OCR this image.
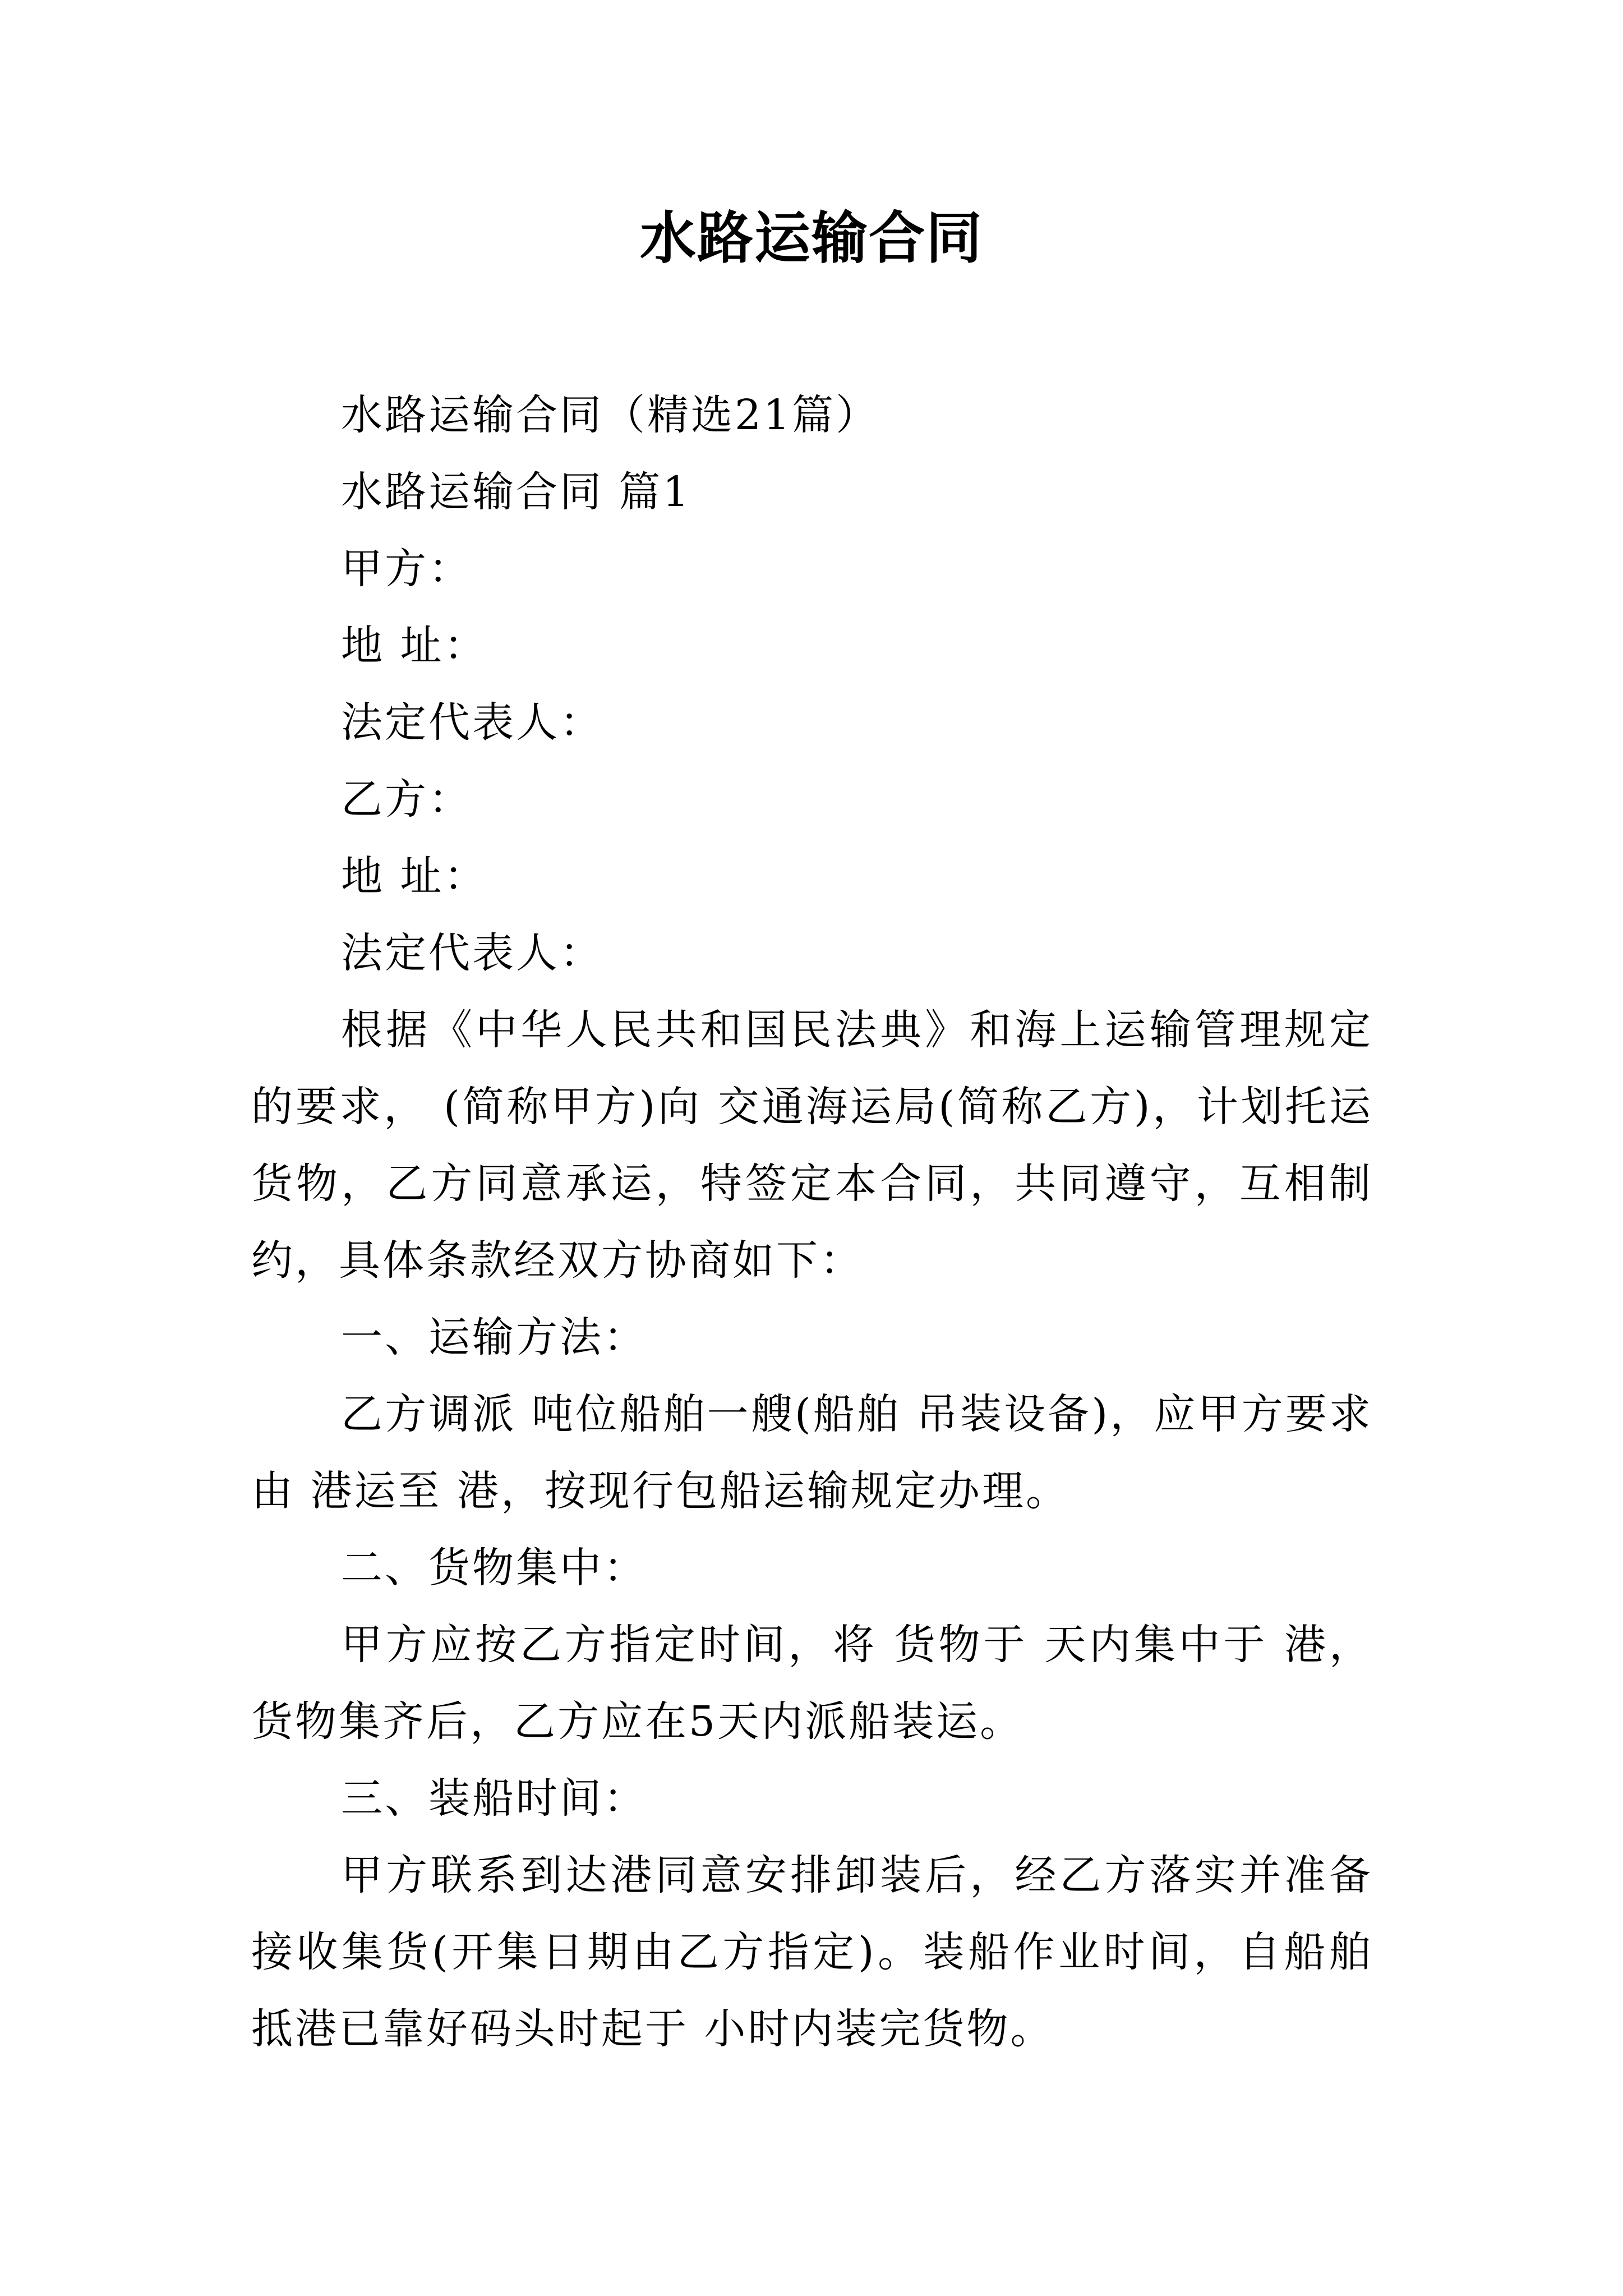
水路运输合同

水路运输合同（精选21篇）

水路运输合同 篇1

甲方：

地 址：

法定代表人：

乙方：

地 址：

法定代表人：

根据《中华人民共和国民法典》和海上运输管理规定的要求， (简称甲方)向 交通海运局(简称乙方)，计划托运货物，乙方同意承运，特签定本合同，共同遵守，互相制约，具体条款经双方协商如下：

一、运输方法：

乙方调派 吨位船舶一艘(船舶 吊装设备)，应甲方要求由 港运至 港，按现行包船运输规定办理。

二、货物集中：

甲方应按乙方指定时间，将 货物于 天内集中于 港，货物集齐后，乙方应在5天内派船装运。

三、装船时间：

甲方联系到达港同意安排卸装后，经乙方落实并准备接收集货(开集日期由乙方指定)。装船作业时间，自船舶抵港已靠好码头时起于 小时内装完货物。
